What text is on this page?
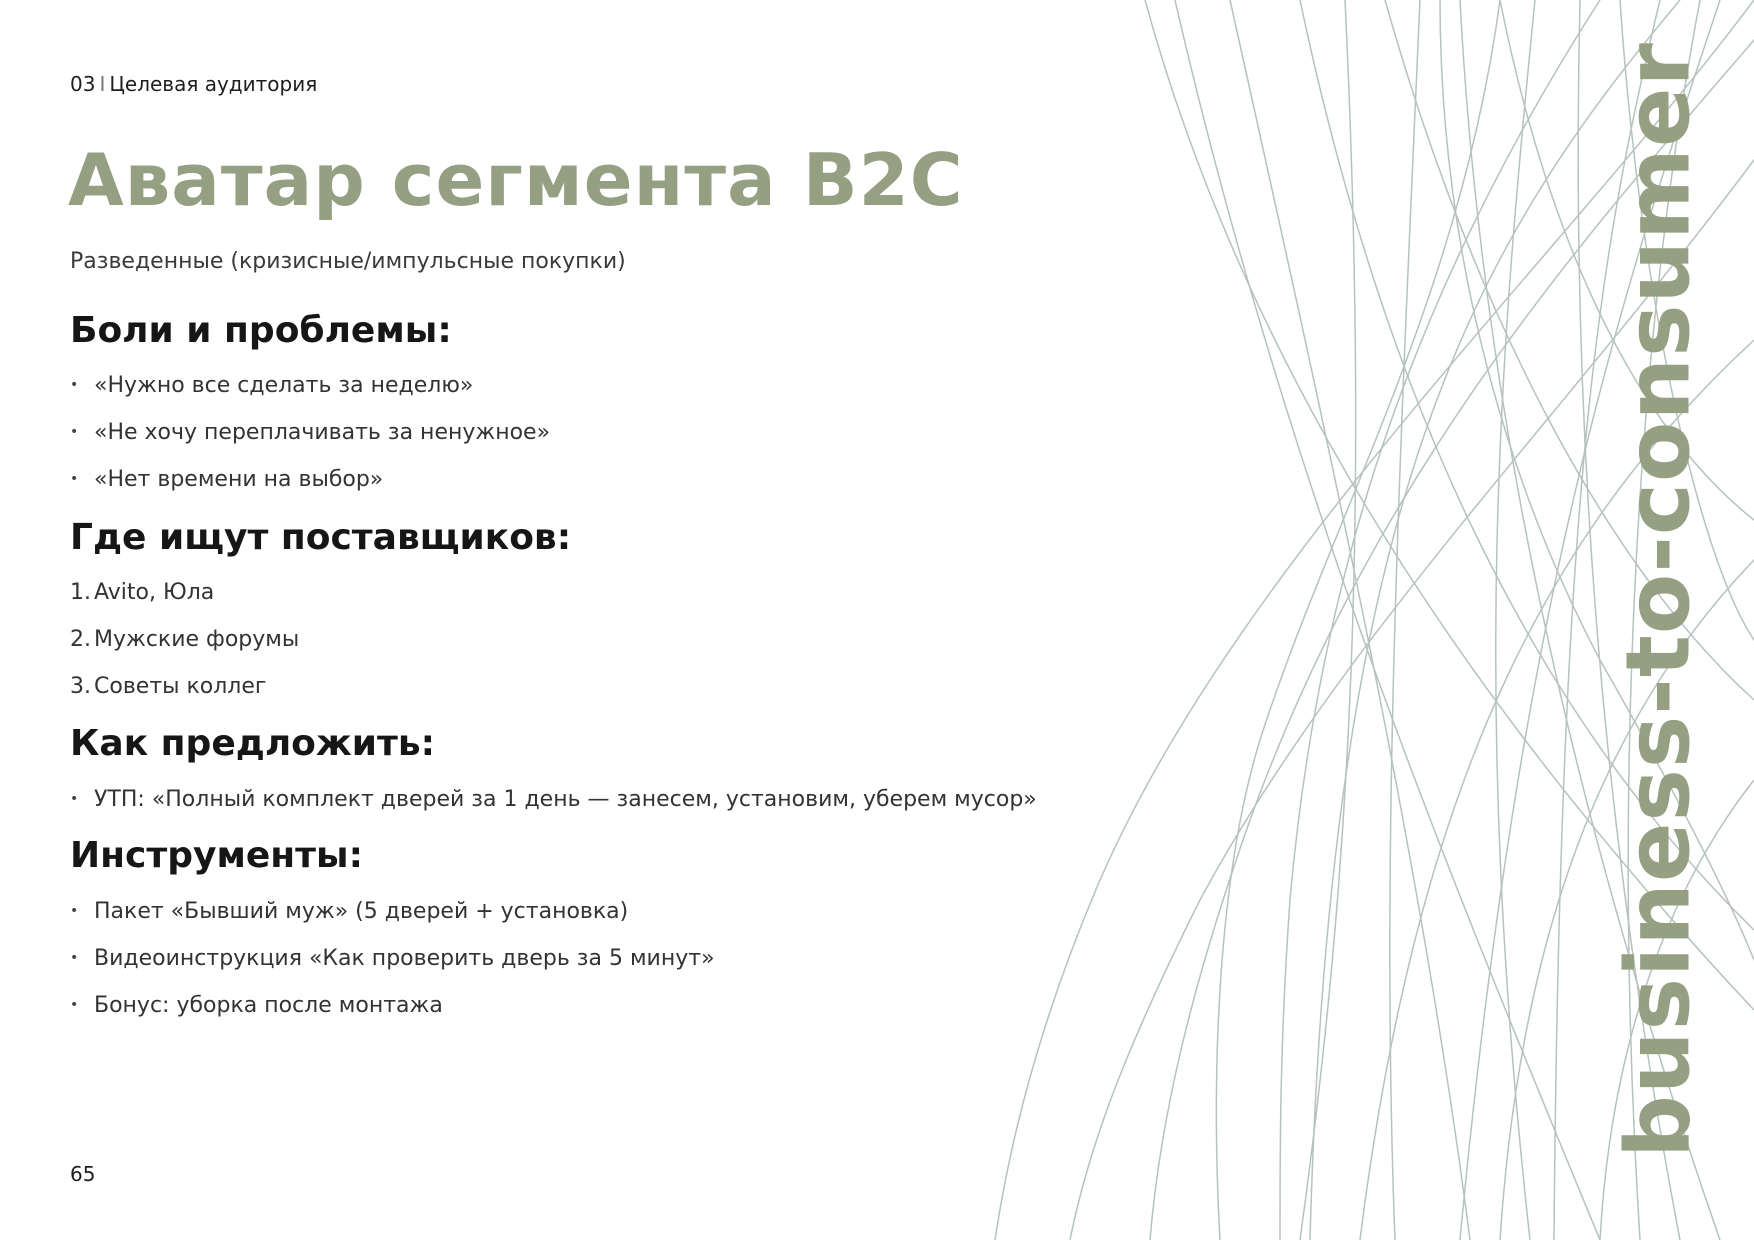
03 I Целевая аудитория
Аватар сегмента B2C
Разведенные (кризисные/импульсные покупки)
Боли и проблемы:
• «Нужно все сделать за неделю»
• «Не хочу переплачивать за ненужное»
• «Нет времени на выбор»
Где ищут поставщиков:
1. Avito, Юла
2. Мужские форумы
3. Советы коллег
Как предложить:
• УТП: «Полный комплект дверей за 1 день — занесем, установим, уберем мусор»
Инструменты:
• Пакет «Бывший муж» (5 дверей + установка)
• Видеоинструкция «Как проверить дверь за 5 минут»
• Бонус: уборка после монтажа	business-to-consumer
65
